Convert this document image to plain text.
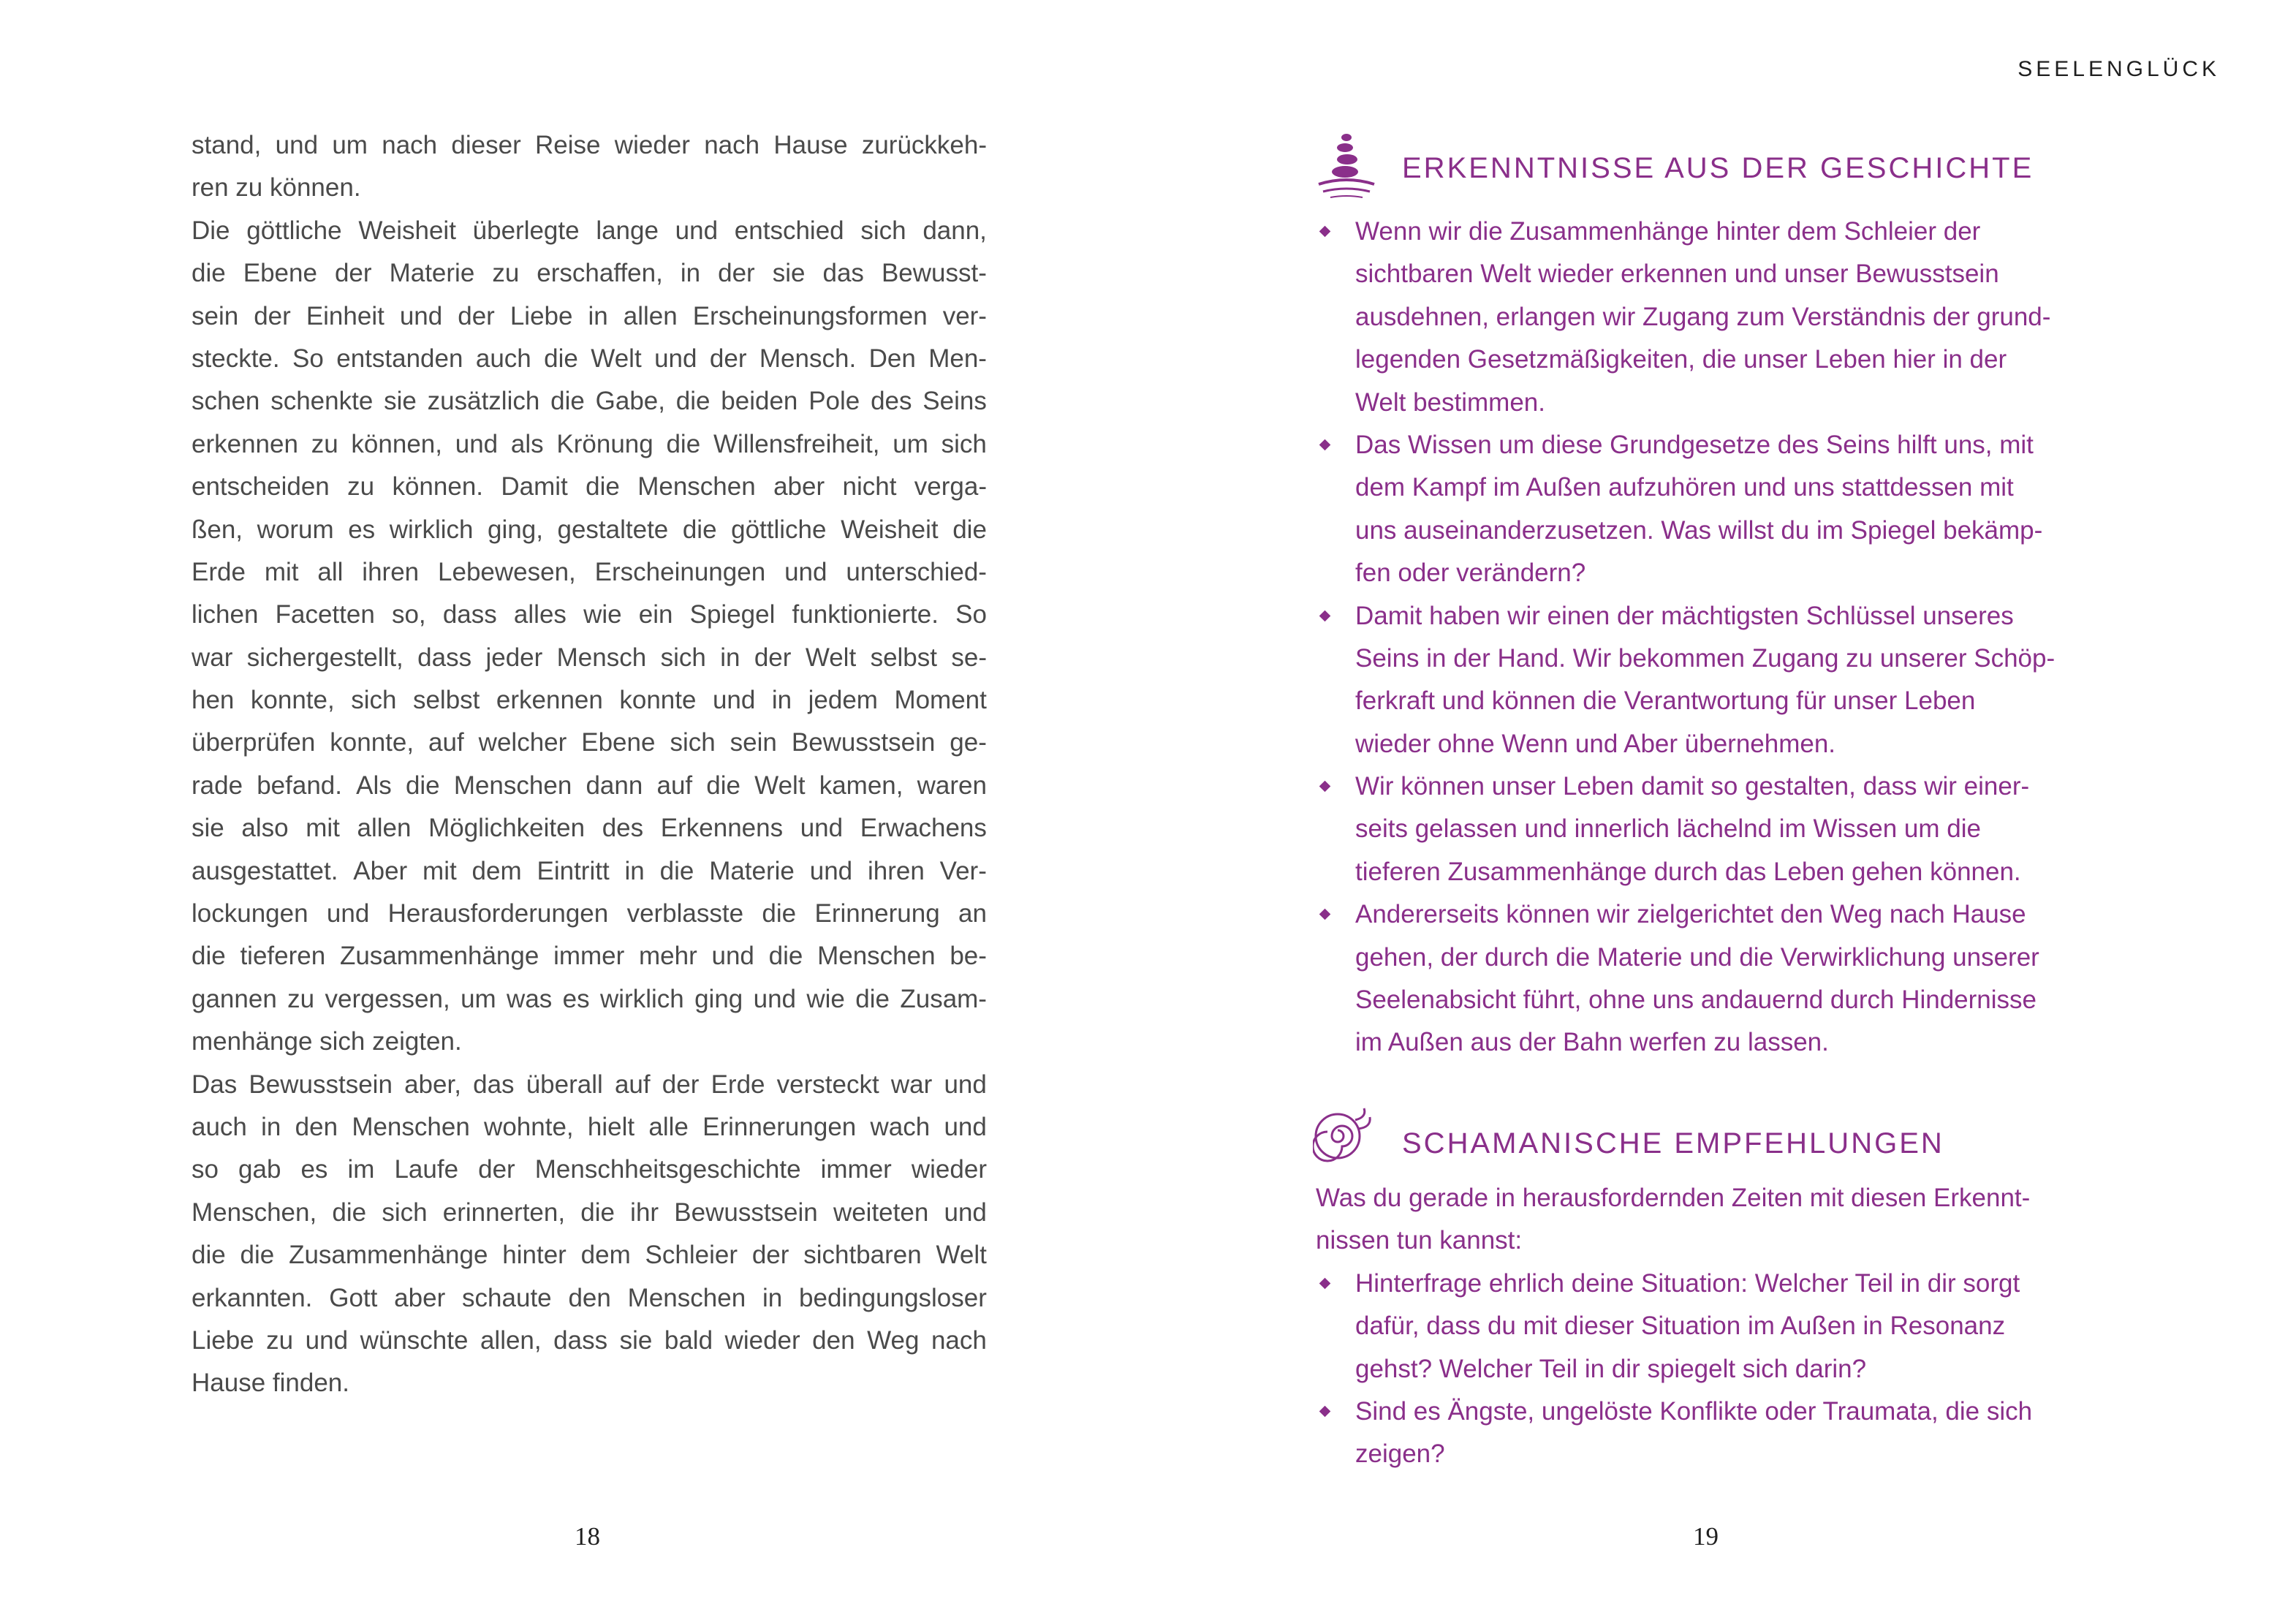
SEELENGLÜCK
stand, und um nach dieser Reise wieder nach Hause zurückkeh-
ren zu können.
Die göttliche Weisheit überlegte lange und entschied sich dann,
die Ebene der Materie zu erschaffen, in der sie das Bewusst-
sein der Einheit und der Liebe in allen Erscheinungsformen ver-
steckte. So entstanden auch die Welt und der Mensch. Den Men-
schen schenkte sie zusätzlich die Gabe, die beiden Pole des Seins
erkennen zu können, und als Krönung die Willensfreiheit, um sich
entscheiden zu können. Damit die Menschen aber nicht verga-
ßen, worum es wirklich ging, gestaltete die göttliche Weisheit die
Erde mit all ihren Lebewesen, Erscheinungen und unterschied-
lichen Facetten so, dass alles wie ein Spiegel funktionierte. So
war sichergestellt, dass jeder Mensch sich in der Welt selbst se-
hen konnte, sich selbst erkennen konnte und in jedem Moment
überprüfen konnte, auf welcher Ebene sich sein Bewusstsein ge-
rade befand. Als die Menschen dann auf die Welt kamen, waren
sie also mit allen Möglichkeiten des Erkennens und Erwachens
ausgestattet. Aber mit dem Eintritt in die Materie und ihren Ver-
lockungen und Herausforderungen verblasste die Erinnerung an
die tieferen Zusammenhänge immer mehr und die Menschen be-
gannen zu vergessen, um was es wirklich ging und wie die Zusam-
menhänge sich zeigten.
Das Bewusstsein aber, das überall auf der Erde versteckt war und
auch in den Menschen wohnte, hielt alle Erinnerungen wach und
so gab es im Laufe der Menschheitsgeschichte immer wieder
Menschen, die sich erinnerten, die ihr Bewusstsein weiteten und
die die Zusammenhänge hinter dem Schleier der sichtbaren Welt
erkannten. Gott aber schaute den Menschen in bedingungsloser
Liebe zu und wünschte allen, dass sie bald wieder den Weg nach
Hause finden.
18
ERKENNTNISSE AUS DER GESCHICHTE
Wenn wir die Zusammenhänge hinter dem Schleier der
sichtbaren Welt wieder erkennen und unser Bewusstsein
ausdehnen, erlangen wir Zugang zum Verständnis der grund-
legenden Gesetzmäßigkeiten, die unser Leben hier in der
Welt bestimmen.
Das Wissen um diese Grundgesetze des Seins hilft uns, mit
dem Kampf im Außen aufzuhören und uns stattdessen mit
uns auseinanderzusetzen. Was willst du im Spiegel bekämp-
fen oder verändern?
Damit haben wir einen der mächtigsten Schlüssel unseres
Seins in der Hand. Wir bekommen Zugang zu unserer Schöp-
ferkraft und können die Verantwortung für unser Leben
wieder ohne Wenn und Aber übernehmen.
Wir können unser Leben damit so gestalten, dass wir einer-
seits gelassen und innerlich lächelnd im Wissen um die
tieferen Zusammenhänge durch das Leben gehen können.
Andererseits können wir zielgerichtet den Weg nach Hause
gehen, der durch die Materie und die Verwirklichung unserer
Seelenabsicht führt, ohne uns andauernd durch Hindernisse
im Außen aus der Bahn werfen zu lassen.
SCHAMANISCHE EMPFEHLUNGEN
Was du gerade in herausfordernden Zeiten mit diesen Erkennt-
nissen tun kannst:
Hinterfrage ehrlich deine Situation: Welcher Teil in dir sorgt
dafür, dass du mit dieser Situation im Außen in Resonanz
gehst? Welcher Teil in dir spiegelt sich darin?
Sind es Ängste, ungelöste Konflikte oder Traumata, die sich
zeigen?
19
